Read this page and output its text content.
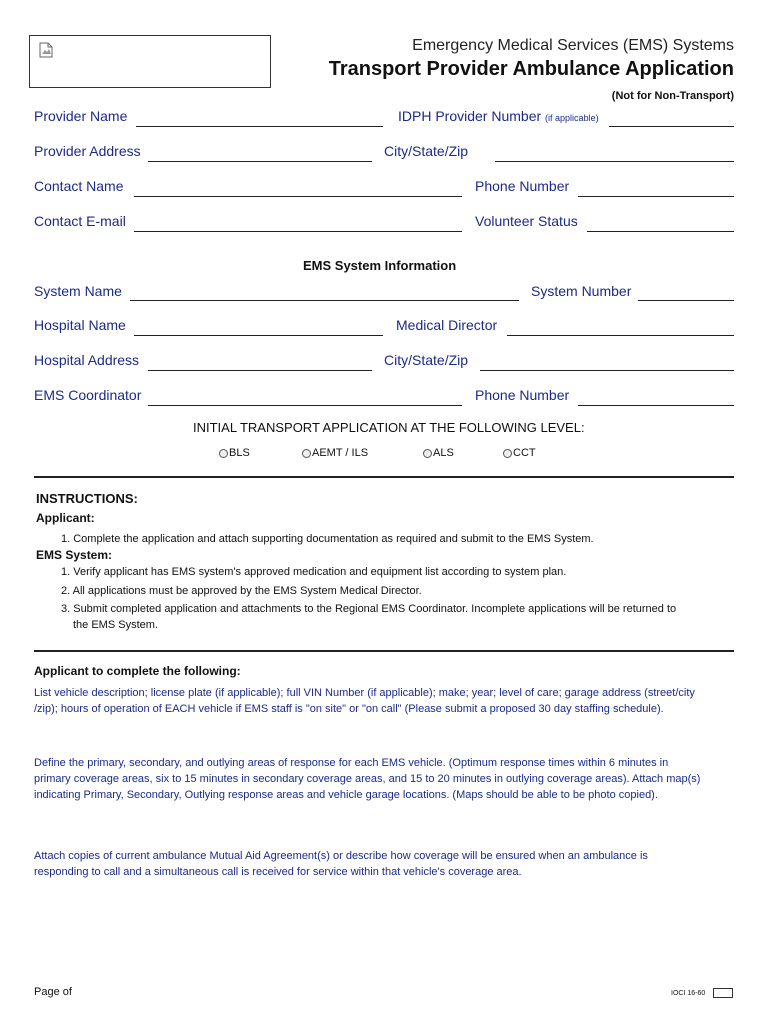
Emergency Medical Services (EMS) Systems
Transport Provider Ambulance Application
(Not for Non-Transport)
Provider Name	IDPH Provider Number (if applicable)
Provider Address	City/State/Zip
Contact Name	Phone Number
Contact E-mail	Volunteer Status
EMS System Information
System Name	System Number
Hospital Name	Medical Director
Hospital Address	City/State/Zip
EMS Coordinator	Phone Number
INITIAL TRANSPORT APPLICATION AT THE FOLLOWING LEVEL:
BLS	AEMT / ILS	ALS	CCT
INSTRUCTIONS:
Applicant:
1. Complete the application and attach supporting documentation as required and submit to the EMS System.
EMS System:
1. Verify applicant has EMS system's approved medication and equipment list according to system plan.
2. All applications must be approved by the EMS System Medical Director.
3. Submit completed application and attachments to the Regional EMS Coordinator. Incomplete applications will be returned to
the EMS System.
Applicant to complete the following:
List vehicle description; license plate (if applicable); full VIN Number (if applicable); make; year; level of care; garage address (street/city
/zip); hours of operation of EACH vehicle if EMS staff is "on site" or "on call" (Please submit a proposed 30 day staffing schedule).
Define the primary, secondary, and outlying areas of response for each EMS vehicle. (Optimum response times within 6 minutes in
primary coverage areas, six to 15 minutes in secondary coverage areas, and 15 to 20 minutes in outlying coverage areas). Attach map(s)
indicating Primary, Secondary, Outlying response areas and vehicle garage locations. (Maps should be able to be photo copied).
Attach copies of current ambulance Mutual Aid Agreement(s) or describe how coverage will be ensured when an ambulance is
responding to call and a simultaneous call is received for service within that vehicle's coverage area.
Page of	IOCI 16-60
